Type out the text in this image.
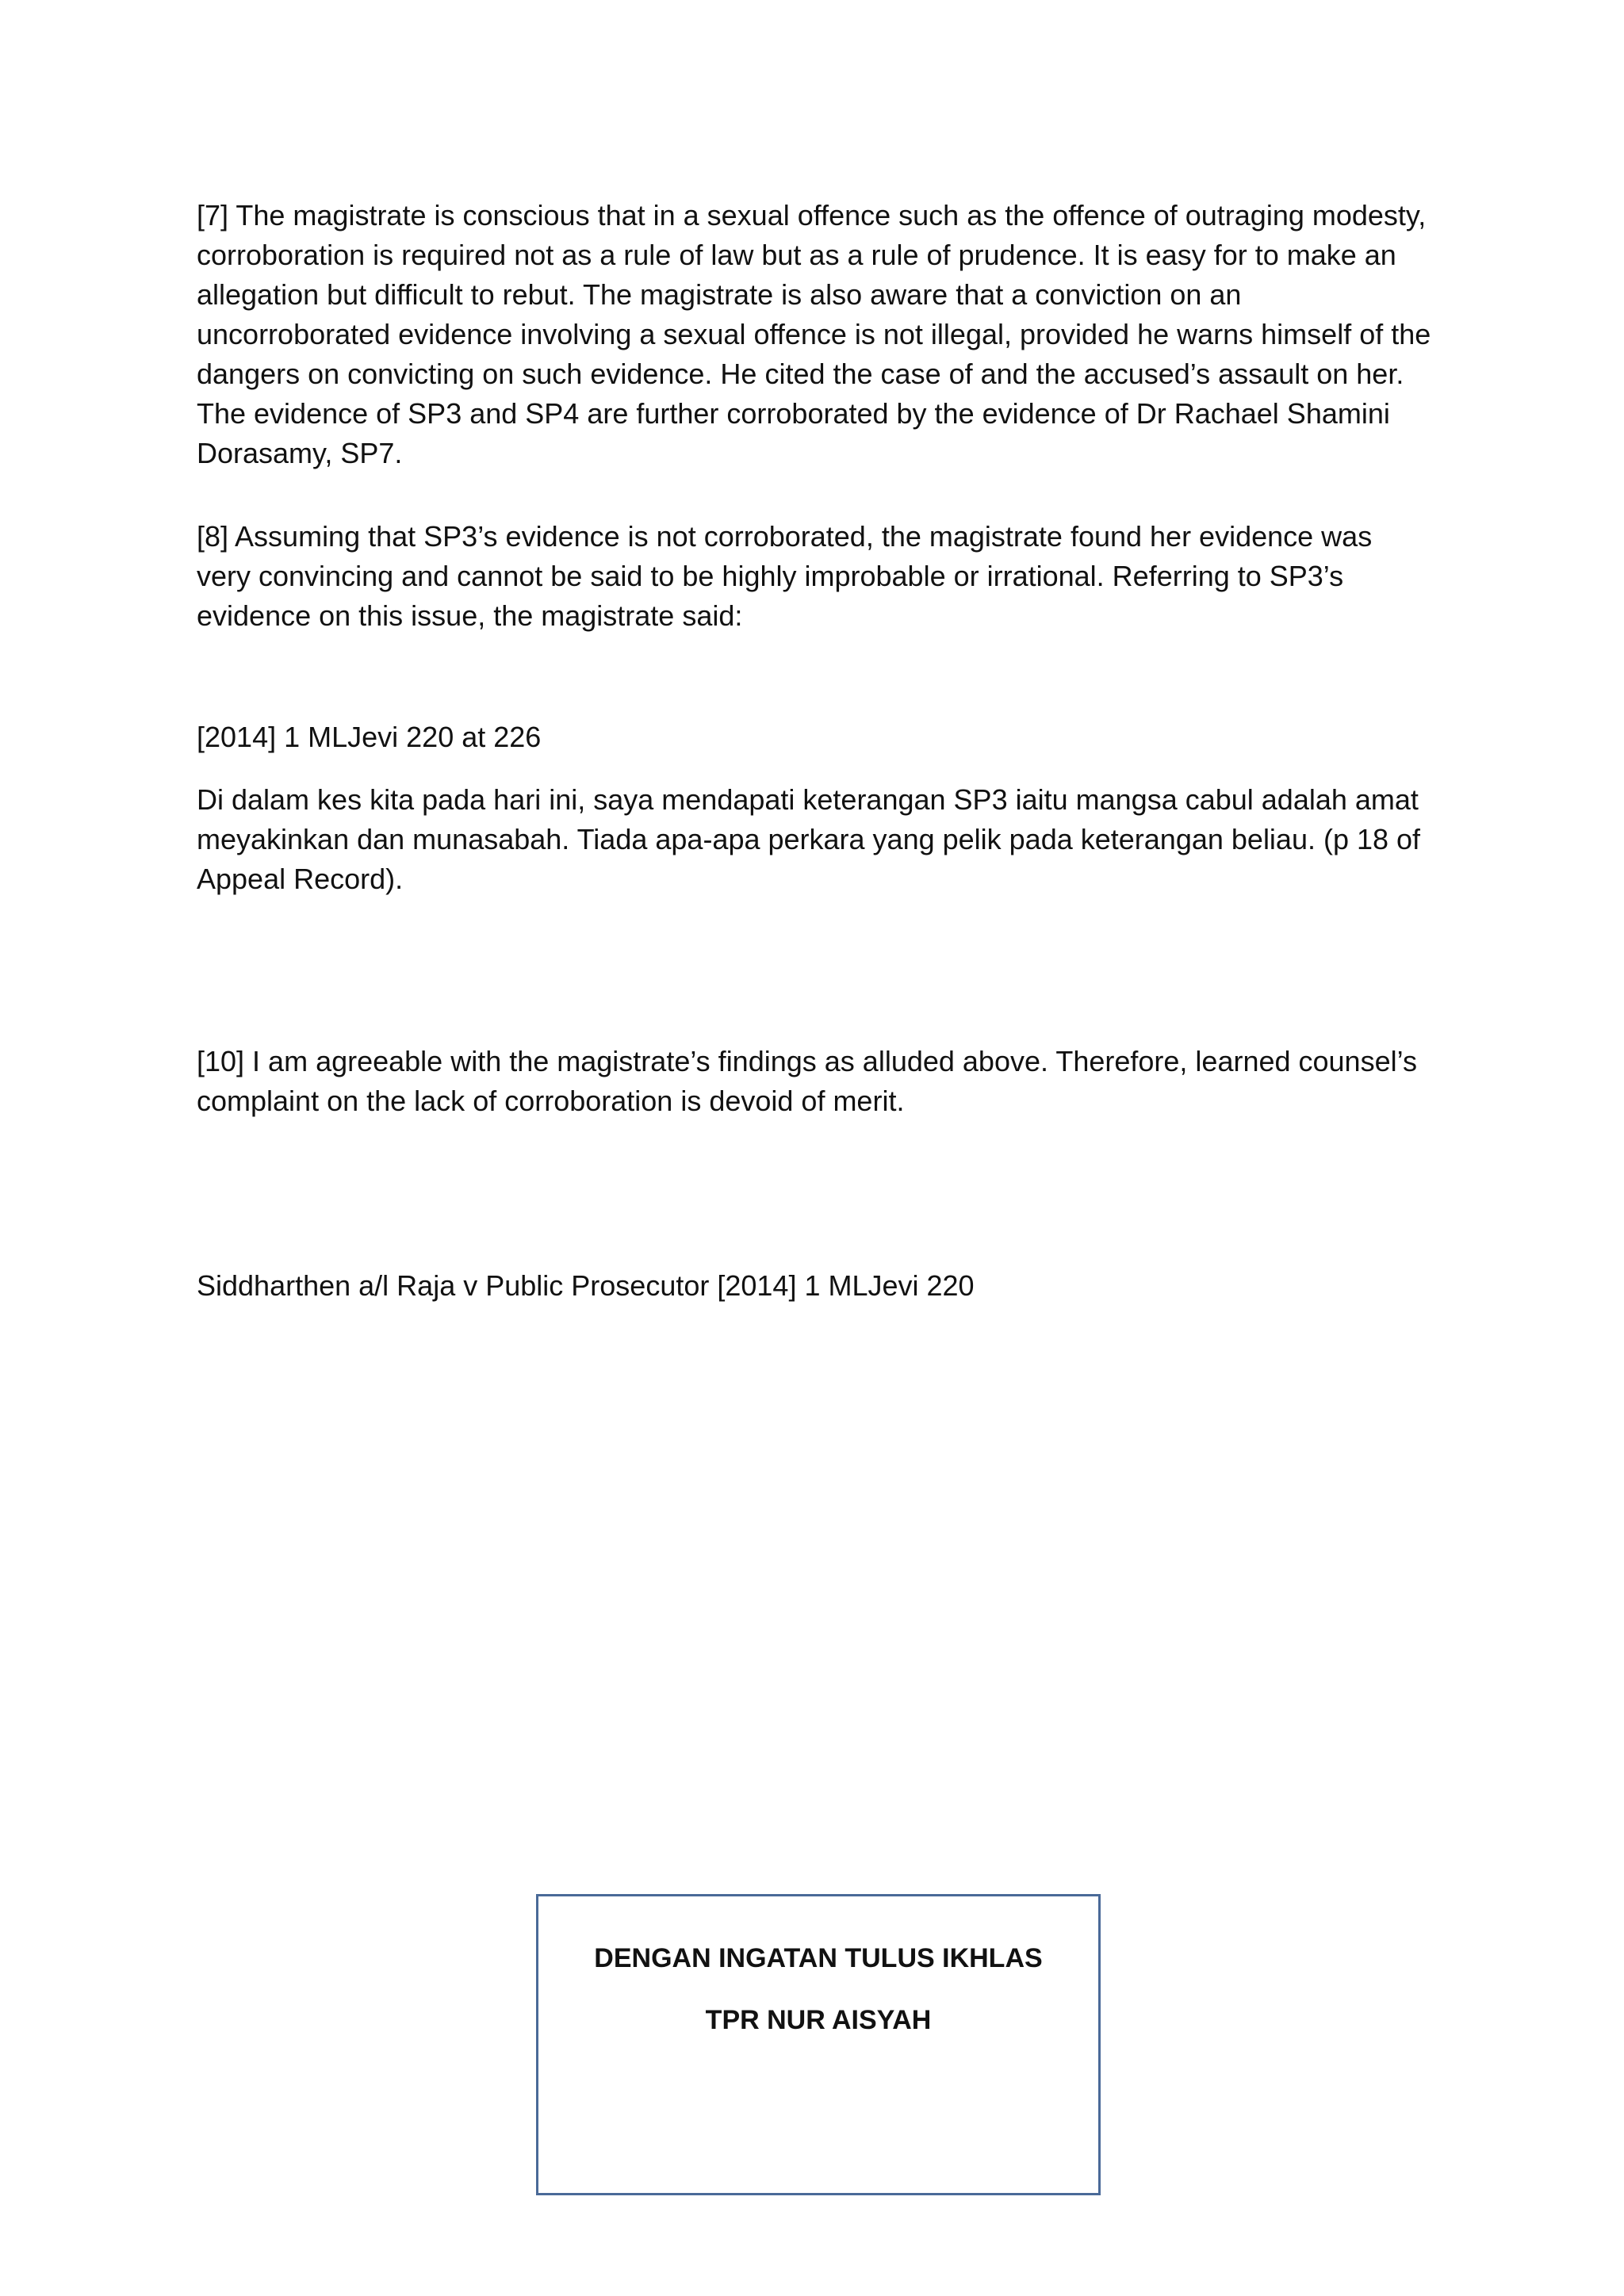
[7] The magistrate is conscious that in a sexual offence such as the offence of outraging modesty, corroboration is required not as a rule of law but as a rule of prudence. It is easy for to make an allegation but difficult to rebut. The magistrate is also aware that a conviction on an uncorroborated evidence involving a sexual offence is not illegal, provided he warns himself of the dangers on convicting on such evidence. He cited the case of and the accused’s assault on her. The evidence of SP3 and SP4 are further corroborated by the evidence of Dr Rachael Shamini Dorasamy, SP7.

[8] Assuming that SP3’s evidence is not corroborated, the magistrate found her evidence was very convincing and cannot be said to be highly improbable or irrational. Referring to SP3’s evidence on this issue, the magistrate said:

[2014] 1 MLJevi 220 at 226

Di dalam kes kita pada hari ini, saya mendapati keterangan SP3 iaitu mangsa cabul adalah amat meyakinkan dan munasabah. Tiada apa-apa perkara yang pelik pada keterangan beliau. (p 18 of Appeal Record).

[10] I am agreeable with the magistrate’s findings as alluded above. Therefore, learned counsel’s complaint on the lack of corroboration is devoid of merit.

Siddharthen a/l Raja v Public Prosecutor [2014] 1 MLJevi 220

DENGAN INGATAN TULUS IKHLAS

TPR NUR AISYAH
